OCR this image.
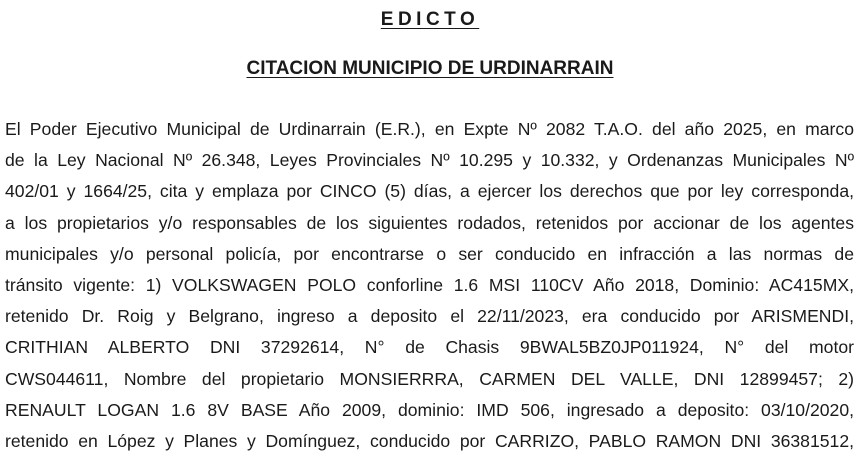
EDICTO
CITACION MUNICIPIO DE URDINARRAIN
El Poder Ejecutivo Municipal de Urdinarrain (E.R.), en Expte Nº 2082 T.A.O. del año 2025, en marco
de la Ley Nacional Nº 26.348, Leyes Provinciales Nº 10.295 y 10.332, y Ordenanzas Municipales Nº
402/01 y 1664/25, cita y emplaza por CINCO (5) días, a ejercer los derechos que por ley corresponda,
a los propietarios y/o responsables de los siguientes rodados, retenidos por accionar de los agentes
municipales y/o personal policía, por encontrarse o ser conducido en infracción a las normas de
tránsito vigente: 1) VOLKSWAGEN POLO conforline 1.6 MSI 110CV Año 2018, Dominio: AC415MX,
retenido Dr. Roig y Belgrano, ingreso a deposito el 22/11/2023, era conducido por ARISMENDI,
CRITHIAN ALBERTO DNI 37292614, N° de Chasis 9BWAL5BZ0JP011924, N° del motor
CWS044611, Nombre del propietario MONSIERRRA, CARMEN DEL VALLE, DNI 12899457; 2)
RENAULT LOGAN 1.6 8V BASE Año 2009, dominio: IMD 506, ingresado a deposito: 03/10/2020,
retenido en López y Planes y Domínguez, conducido por CARRIZO, PABLO RAMON DNI 36381512,
